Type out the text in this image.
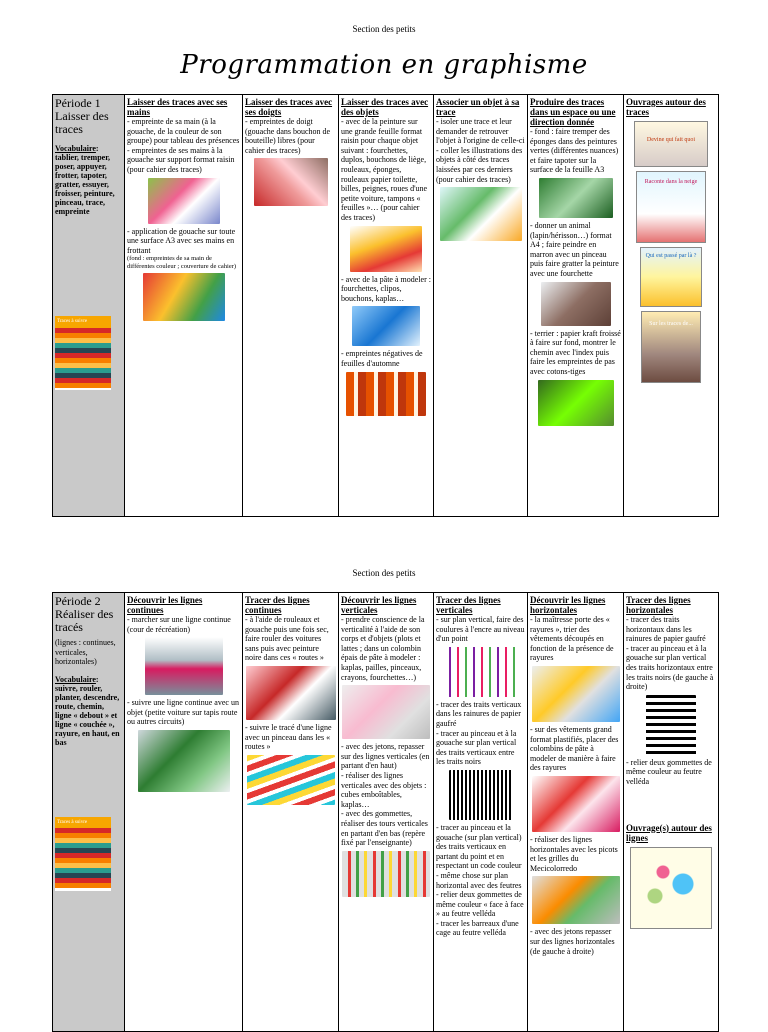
Section des petits
Programmation en graphisme
Période 1
Laisser des traces
Vocabulaire: tablier, tremper, poser, appuyer, frotter, tapoter, gratter, essuyer, froisser, peinture, pinceau, trace, empreinte
Traces à suivre

Laisser des traces avec ses mains
- empreinte de sa main (à la gouache, de la couleur de son groupe) pour tableau des présences
- empreintes de ses mains à la gouache sur support format raisin (pour cahier des traces)
- application de gouache sur toute une surface A3 avec ses mains en frottant
(fond : empreintes de sa main de différentes couleur ; couverture de cahier)

Laisser des traces avec ses doigts
- empreintes de doigt (gouache dans bouchon de bouteille) libres (pour cahier des traces)

Laisser des traces avec des objets
- avec de la peinture sur une grande feuille format raisin pour chaque objet suivant : fourchettes, duplos, bouchons de liège, rouleaux, éponges, rouleaux papier toilette, billes, peignes, roues d'une petite voiture, tampons « feuilles »… (pour cahier des traces)
- avec de la pâte à modeler : fourchettes, clipos, bouchons, kaplas…
- empreintes négatives de feuilles d'automne

Associer un objet à sa trace
- isoler une trace et leur demander de retrouver l'objet à l'origine de celle-ci
- coller les illustrations des objets à côté des traces laissées par ces derniers (pour cahier des traces)

Produire des traces dans un espace ou une direction donnée
- fond : faire tremper des éponges dans des peintures vertes (différentes nuances) et faire tapoter sur la surface de la feuille A3
- donner un animal (lapin/hérisson…) format A4 ; faire peindre en marron avec un pinceau puis faire gratter la peinture avec une fourchette
- terrier : papier kraft froissé à faire sur fond, montrer le chemin avec l'index puis faire les empreintes de pas avec cotons-tiges

Ouvrages autour des traces
Devine qui fait quoi
Raconte dans la neige
Qui est passé par là ?
Sur les traces de...
Section des petits
Période 2
Réaliser des tracés
(lignes : continues, verticales, horizontales)
Vocabulaire: suivre, rouler, planter, descendre, route, chemin, ligne « debout » et ligne « couchée », rayure, en haut, en bas
Traces à suivre

Découvrir les lignes continues
- marcher sur une ligne continue (cour de récréation)
- suivre une ligne continue avec un objet (petite voiture sur tapis route ou autres circuits)

Tracer des lignes continues
- à l'aide de rouleaux et gouache puis une fois sec, faire rouler des voitures sans puis avec peinture noire dans ces « routes »
- suivre le tracé d'une ligne avec un pinceau dans les « routes »

Découvrir les lignes verticales
- prendre conscience de la verticalité à l'aide de son corps et d'objets (plots et lattes ; dans un colombin épais de pâte à modeler : kaplas, pailles, pinceaux, crayons, fourchettes…)
- avec des jetons, repasser sur des lignes verticales (en partant d'en haut)
- réaliser des lignes verticales avec des objets : cubes emboîtables, kaplas…
- avec des gommettes, réaliser des tours verticales en partant d'en bas (repère fixé par l'enseignante)

Tracer des lignes verticales
- sur plan vertical, faire des coulures à l'encre au niveau d'un point
- tracer des traits verticaux dans les rainures de papier gaufré
- tracer au pinceau et à la gouache sur plan vertical des traits verticaux entre les traits noirs
- tracer au pinceau et la gouache (sur plan vertical) des traits verticaux en partant du point et en respectant un code couleur
- même chose sur plan horizontal avec des feutres
- relier deux gommettes de même couleur « face à face » au feutre velléda
- tracer les barreaux d'une cage au feutre velléda

Découvrir les lignes horizontales
- la maîtresse porte des « rayures », trier des vêtements découpés en fonction de la présence de rayures
- sur des vêtements grand format plastifiés, placer des colombins de pâte à modeler de manière à faire des rayures
- réaliser des lignes horizontales avec les picots et les grilles du Mecicolorredo
- avec des jetons repasser sur des lignes horizontales (de gauche à droite)

Tracer des lignes horizontales
- tracer des traits horizontaux dans les rainures de papier gaufré
- tracer au pinceau et à la gouache sur plan vertical des traits horizontaux entre les traits noirs (de gauche à droite)
- relier deux gommettes de même couleur au feutre velléda
Ouvrage(s) autour des lignes
